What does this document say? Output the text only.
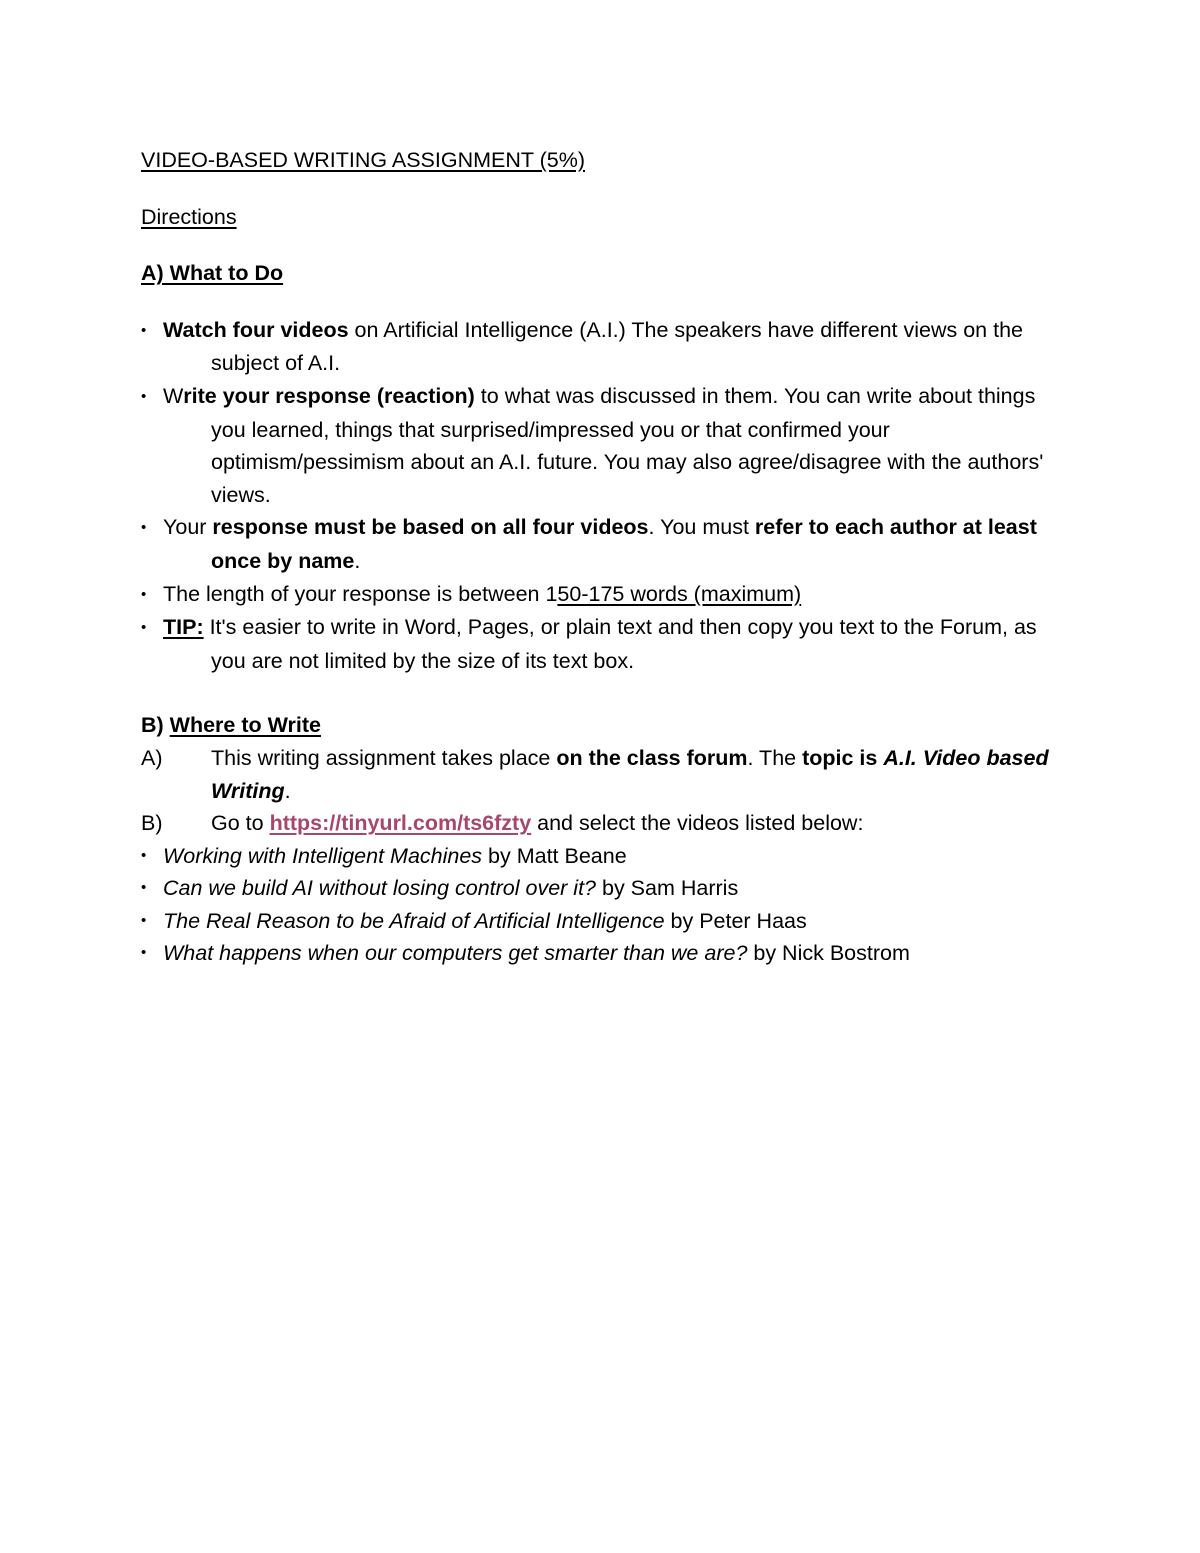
VIDEO-BASED WRITING ASSIGNMENT (5%)

Directions

A) What to Do

• Watch four videos on Artificial Intelligence (A.I.) The speakers have different views on the subject of A.I.
• Write your response (reaction) to what was discussed in them. You can write about things you learned, things that surprised/impressed you or that confirmed your optimism/pessimism about an A.I. future. You may also agree/disagree with the authors' views.
• Your response must be based on all four videos. You must refer to each author at least once by name.
• The length of your response is between 150-175 words (maximum)
• TIP: It's easier to write in Word, Pages, or plain text and then copy you text to the Forum, as you are not limited by the size of its text box.

B) Where to Write

A) This writing assignment takes place on the class forum. The topic is A.I. Video based Writing.
B) Go to https://tinyurl.com/ts6fzty and select the videos listed below:
• Working with Intelligent Machines by Matt Beane
• Can we build AI without losing control over it? by Sam Harris
• The Real Reason to be Afraid of Artificial Intelligence by Peter Haas
• What happens when our computers get smarter than we are? by Nick Bostrom
